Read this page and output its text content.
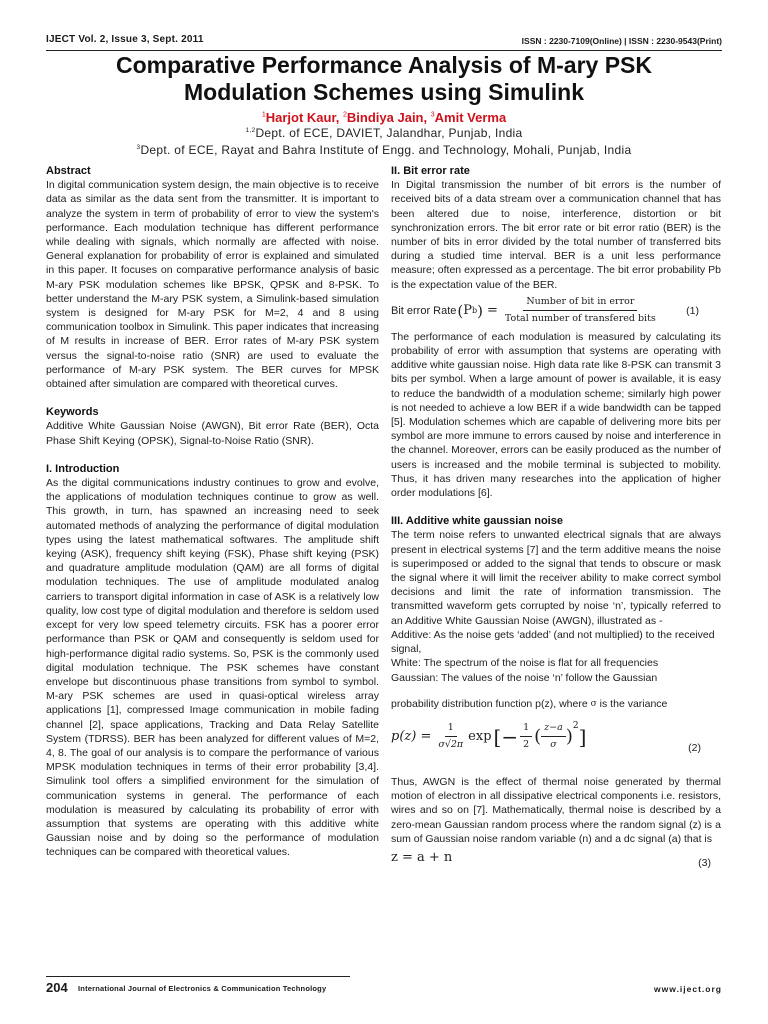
IJECT Vol. 2, Issue 3, Sept. 2011	ISSN : 2230-7109(Online) | ISSN : 2230-9543(Print)
Comparative Performance Analysis of M-ary PSK
Modulation Schemes using Simulink
$^1$Harjot Kaur, $^2$Bindiya Jain, $^3$Amit Verma
$^{1,2}$Dept. of ECE, DAVIET, Jalandhar, Punjab, India
$^3$Dept. of ECE, Rayat and Bahra Institute of Engg. and Technology, Mohali, Punjab, India
Abstract

In digital communication system design, the main objective is to receive data as similar as the data sent from the transmitter. It is important to analyze the system in term of probability of error to view the system's performance. Each modulation technique has different performance while dealing with signals, which normally are affected with noise. General explanation for probability of error is explained and simulated in this paper. It focuses on comparative performance analysis of basic M-ary PSK modulation schemes like BPSK, QPSK and 8-PSK. To better understand the M-ary PSK system, a Simulink-based simulation system is designed for M-ary PSK for M=2, 4 and 8 using communication toolbox in Simulink. This paper indicates that increasing of M results in increase of BER. Error rates of M-ary PSK system versus the signal-to-noise ratio (SNR) are used to evaluate the performance of M-ary PSK system. The BER curves for MPSK obtained after simulation are compared with theoretical curves.

Keywords

Additive White Gaussian Noise (AWGN), Bit error Rate (BER), Octa Phase Shift Keying (OPSK), Signal-to-Noise Ratio (SNR).

I. Introduction

As the digital communications industry continues to grow and evolve, the applications of modulation techniques continue to grow as well. This growth, in turn, has spawned an increasing need to seek automated methods of analyzing the performance of digital modulation types using the latest mathematical softwares. The amplitude shift keying (ASK), frequency shift keying (FSK), Phase shift keying (PSK) and quadrature amplitude modulation (QAM) are all forms of digital modulation techniques. The use of amplitude modulated analog carriers to transport digital information in case of ASK is a relatively low quality, low cost type of digital modulation and therefore is seldom used except for very low speed telemetry circuits. FSK has a poorer error performance than PSK or QAM and consequently is seldom used for high-performance digital radio systems. So, PSK is the commonly used digital modulation technique. The PSK schemes have constant envelope but discontinuous phase transitions from symbol to symbol. M-ary PSK schemes are used in quasi-optical wireless array applications [1], compressed Image communication in mobile fading channel [2], space applications, Tracking and Data Relay Satellite System (TDRSS). BER has been analyzed for different values of M=2, 4, 8. The goal of our analysis is to compare the performance of various MPSK modulation techniques in terms of their error probability [3,4]. Simulink tool offers a simplified environment for the simulation of communication systems in general. The performance of each modulation is measured by calculating its probability of error with assumption that systems are operating with this additive white Gaussian noise and by doing so the performance of modulation techniques can be compared with theoretical values.

II. Bit error rate

In Digital transmission the number of bit errors is the number of received bits of a data stream over a communication channel that has been altered due to noise, interference, distortion or bit synchronization errors. The bit error rate or bit error ratio (BER) is the number of bits in error divided by the total number of transferred bits during a studied time interval. BER is a unit less performance measure; often expressed as a percentage. The bit error probability Pb is the expectation value of the BER.

Bit error Rate ( P b ) = $\frac{\text{Number of bit in error}}{\text{Total number of transfered bits}}$	(1)

The performance of each modulation is measured by calculating its probability of error with assumption that systems are operating with additive white gaussian noise. High data rate like 8-PSK can transmit 3 bits per symbol. When a large amount of power is available, it is easy to reduce the bandwidth of a modulation scheme; similarly high power is not needed to achieve a low BER if a wide bandwidth can be tapped [5]. Modulation schemes which are capable of delivering more bits per symbol are more immune to errors caused by noise and interference in the channel. Moreover, errors can be easily produced as the number of users is increased and the mobile terminal is subjected to mobility. Thus, it has driven many researches into the application of higher order modulations [6].

III. Additive white gaussian noise

The term noise refers to unwanted electrical signals that are always present in electrical systems [7] and the term additive means the noise is superimposed or added to the signal that tends to obscure or mask the signal where it will limit the receiver ability to make correct symbol decisions and limit the rate of information transmission. The transmitted waveform gets corrupted by noise ‘n’, typically referred to an Additive White Gaussian Noise (AWGN), illustrated as -

Additive: As the noise gets ‘added’ (and not multiplied) to the received signal,

White: The spectrum of the noise is flat for all frequencies

Gaussian: The values of the noise ‘n’ follow the Gaussian

probability distribution function p(z), where σ is the variance

$p(z) = \frac{1}{\sigma√2\pi}$ exp [− $\frac{1}{2}$ ( $\frac{z-a}{\sigma}$ ) 2 ]	(2)

Thus, AWGN is the effect of thermal noise generated by thermal motion of electron in all dissipative electrical components i.e. resistors, wires and so on [7]. Mathematically, thermal noise is described by a zero-mean Gaussian random process where the random signal (z) is a sum of Gaussian noise random variable (n) and a dc signal (a) that is

z = a + n	(3)
204 International Journal of Electronics & Communication Technology	www.iject.org
